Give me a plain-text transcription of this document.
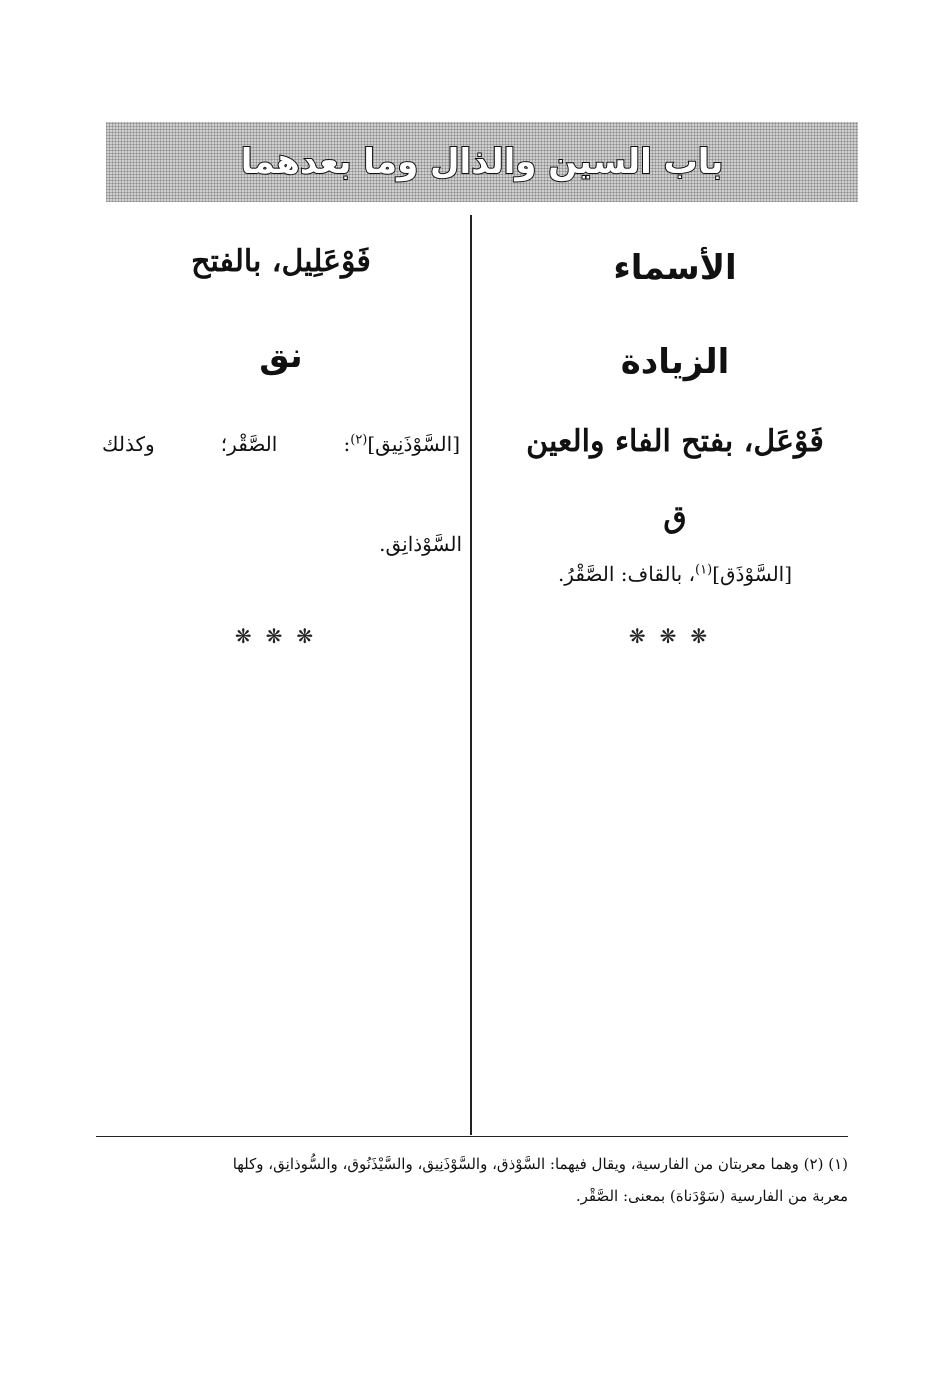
باب السين والذال وما بعدهما
الأسماء
الزيادة
فَوْعَل، بفتح الفاء والعين
ق
[السَّوْذَق]$^{(١)}$، بالقاف: الصَّقْرُ.
❋❋❋
فَوْعَلِيل، بالفتح
نق
[السَّوْذَنِيق]$^{(٢)}$: الصَّقْر؛ وكذلك
السَّوْذانِق.
❋❋❋
(١) (٢) وهما معربتان من الفارسية، ويقال فيهما: السَّوْذق، والسَّوْذَنِيق، والسَّيْذَنُوق، والسُّوذانِق، وكلها
معربة من الفارسية (سَوْدَناة) بمعنى: الصَّقْر.
